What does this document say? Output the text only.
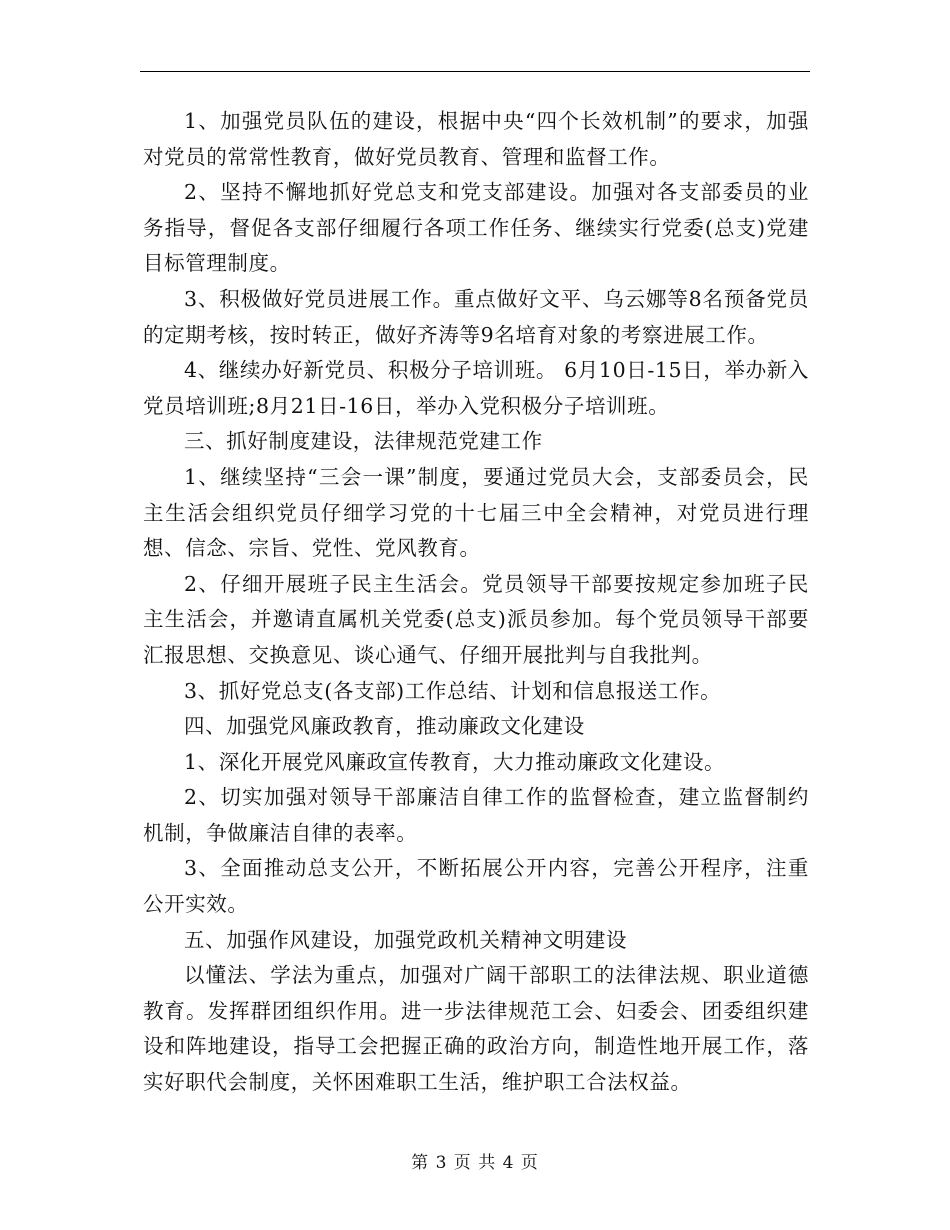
1、加强党员队伍的建设，根据中央“四个长效机制”的要求，加强对党员的常常性教育，做好党员教育、管理和监督工作。

2、坚持不懈地抓好党总支和党支部建设。加强对各支部委员的业务指导，督促各支部仔细履行各项工作任务、继续实行党委(总支)党建目标管理制度。

3、积极做好党员进展工作。重点做好文平、乌云娜等8名预备党员的定期考核，按时转正，做好齐涛等9名培育对象的考察进展工作。

4、继续办好新党员、积极分子培训班。 6月10日-15日，举办新入党员培训班;8月21日-16日，举办入党积极分子培训班。

三、抓好制度建设，法律规范党建工作

1、继续坚持“三会一课”制度，要通过党员大会，支部委员会，民主生活会组织党员仔细学习党的十七届三中全会精神，对党员进行理想、信念、宗旨、党性、党风教育。

2、仔细开展班子民主生活会。党员领导干部要按规定参加班子民主生活会，并邀请直属机关党委(总支)派员参加。每个党员领导干部要汇报思想、交换意见、谈心通气、仔细开展批判与自我批判。

3、抓好党总支(各支部)工作总结、计划和信息报送工作。

四、加强党风廉政教育，推动廉政文化建设

1、深化开展党风廉政宣传教育，大力推动廉政文化建设。

2、切实加强对领导干部廉洁自律工作的监督检查，建立监督制约机制，争做廉洁自律的表率。

3、全面推动总支公开，不断拓展公开内容，完善公开程序，注重公开实效。

五、加强作风建设，加强党政机关精神文明建设

以懂法、学法为重点，加强对广阔干部职工的法律法规、职业道德教育。发挥群团组织作用。进一步法律规范工会、妇委会、团委组织建设和阵地建设，指导工会把握正确的政治方向，制造性地开展工作，落实好职代会制度，关怀困难职工生活，维护职工合法权益。

第 3 页 共 4 页
